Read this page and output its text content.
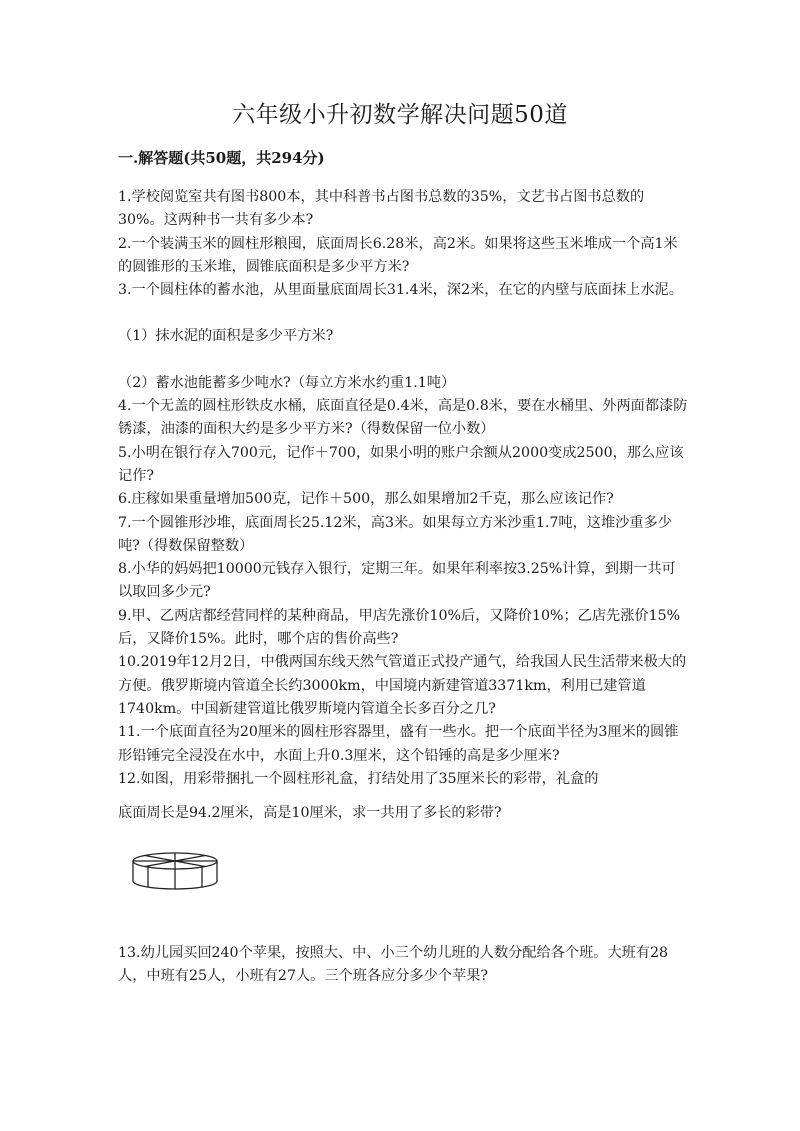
六年级小升初数学解决问题50道
一.解答题(共50题，共294分)

1.学校阅览室共有图书800本，其中科普书占图书总数的35%，文艺书占图书总数的30%。这两种书一共有多少本?

2.一个装满玉米的圆柱形粮囤，底面周长6.28米，高2米。如果将这些玉米堆成一个高1米的圆锥形的玉米堆，圆锥底面积是多少平方米?

3.一个圆柱体的蓄水池，从里面量底面周长31.4米，深2米，在它的内壁与底面抹上水泥。

（1）抹水泥的面积是多少平方米?

（2）蓄水池能蓄多少吨水?（每立方米水约重1.1吨）

4.一个无盖的圆柱形铁皮水桶，底面直径是0.4米，高是0.8米，要在水桶里、外两面都漆防锈漆，油漆的面积大约是多少平方米?（得数保留一位小数）

5.小明在银行存入700元，记作＋700，如果小明的账户余额从2000变成2500，那么应该记作?

6.庄稼如果重量增加500克，记作＋500，那么如果增加2千克，那么应该记作?

7.一个圆锥形沙堆，底面周长25.12米，高3米。如果每立方米沙重1.7吨，这堆沙重多少吨?（得数保留整数）

8.小华的妈妈把10000元钱存入银行，定期三年。如果年利率按3.25%计算，到期一共可以取回多少元?

9.甲、乙两店都经营同样的某种商品，甲店先涨价10%后，又降价10%；乙店先涨价15%后，又降价15%。此时，哪个店的售价高些?

10.2019年12月2日，中俄两国东线天然气管道正式投产通气，给我国人民生活带来极大的方便。俄罗斯境内管道全长约3000km，中国境内新建管道3371km，利用已建管道1740km。中国新建管道比俄罗斯境内管道全长多百分之几?

11.一个底面直径为20厘米的圆柱形容器里，盛有一些水。把一个底面半径为3厘米的圆锥形铅锤完全浸没在水中，水面上升0.3厘米，这个铅锤的高是多少厘米?

12.如图，用彩带捆扎一个圆柱形礼盒，打结处用了35厘米长的彩带，礼盒的

底面周长是94.2厘米，高是10厘米，求一共用了多长的彩带?

13.幼儿园买回240个苹果，按照大、中、小三个幼儿班的人数分配给各个班。大班有28人，中班有25人，小班有27人。三个班各应分多少个苹果?
